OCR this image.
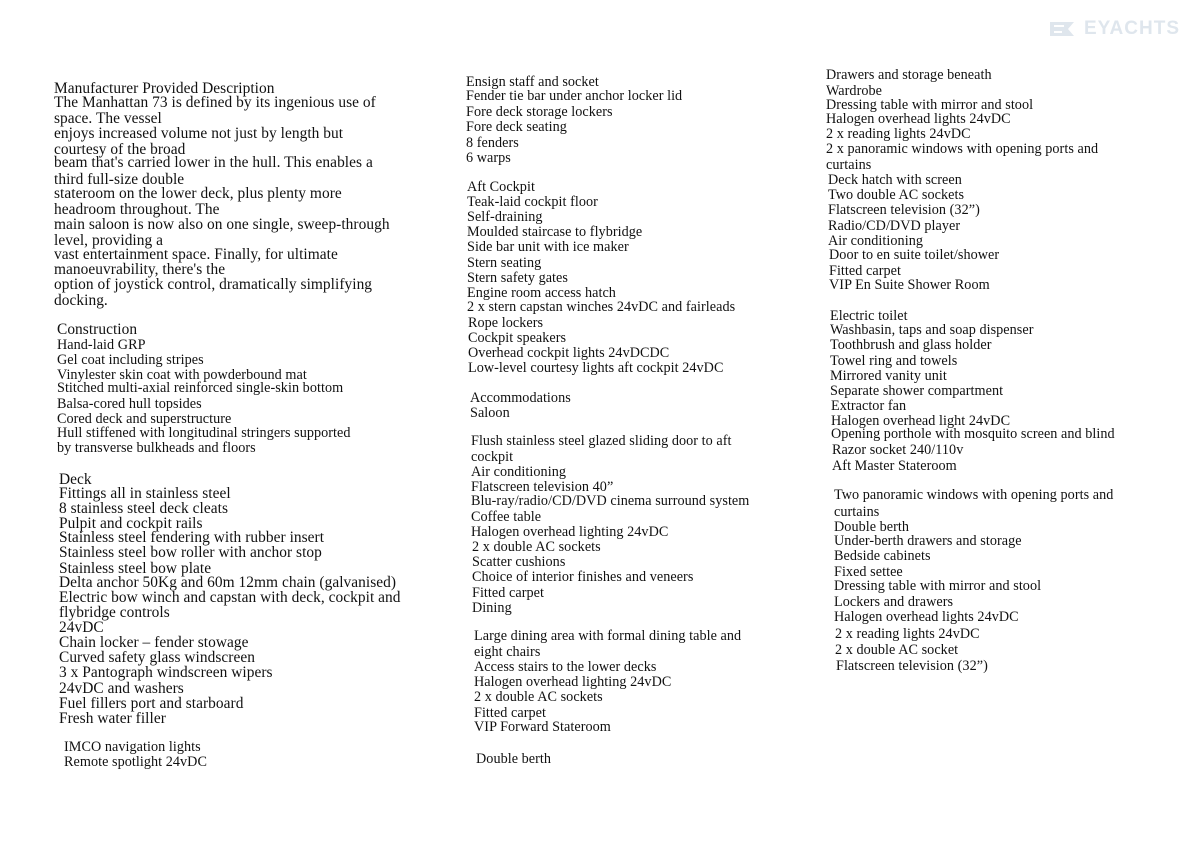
EYACHTS
Manufacturer Provided Description
The Manhattan 73 is defined by its ingenious use of
space. The vessel
enjoys increased volume not just by length but
courtesy of the broad
beam that's carried lower in the hull. This enables a
third full-size double
stateroom on the lower deck, plus plenty more
headroom throughout. The
main saloon is now also on one single, sweep-through
level, providing a
vast entertainment space. Finally, for ultimate
manoeuvrability, there's the
option of joystick control, dramatically simplifying
docking.
Construction
Hand-laid GRP
Gel coat including stripes
Vinylester skin coat with powderbound mat
Stitched multi-axial reinforced single-skin bottom
Balsa-cored hull topsides
Cored deck and superstructure
Hull stiffened with longitudinal stringers supported
by transverse bulkheads and floors
Deck
Fittings all in stainless steel
8 stainless steel deck cleats
Pulpit and cockpit rails
Stainless steel fendering with rubber insert
Stainless steel bow roller with anchor stop
Stainless steel bow plate
Delta anchor 50Kg and 60m 12mm chain (galvanised)
Electric bow winch and capstan with deck, cockpit and
flybridge controls
24vDC
Chain locker – fender stowage
Curved safety glass windscreen
3 x Pantograph windscreen wipers
24vDC and washers
Fuel fillers port and starboard
Fresh water filler
IMCO navigation lights
Remote spotlight 24vDC
Ensign staff and socket
Fender tie bar under anchor locker lid
Fore deck storage lockers
Fore deck seating
8 fenders
6 warps
Aft Cockpit
Teak-laid cockpit floor
Self-draining
Moulded staircase to flybridge
Side bar unit with ice maker
Stern seating
Stern safety gates
Engine room access hatch
2 x stern capstan winches 24vDC and fairleads
Rope lockers
Cockpit speakers
Overhead cockpit lights 24vDCDC
Low-level courtesy lights aft cockpit 24vDC
Accommodations
Saloon
Flush stainless steel glazed sliding door to aft
cockpit
Air conditioning
Flatscreen television 40”
Blu-ray/radio/CD/DVD cinema surround system
Coffee table
Halogen overhead lighting 24vDC
2 x double AC sockets
Scatter cushions
Choice of interior finishes and veneers
Fitted carpet
Dining
Large dining area with formal dining table and
eight chairs
Access stairs to the lower decks
Halogen overhead lighting 24vDC
2 x double AC sockets
Fitted carpet
VIP Forward Stateroom
Double berth
Drawers and storage beneath
Wardrobe
Dressing table with mirror and stool
Halogen overhead lights 24vDC
2 x reading lights 24vDC
2 x panoramic windows with opening ports and
curtains
Deck hatch with screen
Two double AC sockets
Flatscreen television (32”)
Radio/CD/DVD player
Air conditioning
Door to en suite toilet/shower
Fitted carpet
VIP En Suite Shower Room
Electric toilet
Washbasin, taps and soap dispenser
Toothbrush and glass holder
Towel ring and towels
Mirrored vanity unit
Separate shower compartment
Extractor fan
Halogen overhead light 24vDC
Opening porthole with mosquito screen and blind
Razor socket 240/110v
Aft Master Stateroom
Two panoramic windows with opening ports and
curtains
Double berth
Under-berth drawers and storage
Bedside cabinets
Fixed settee
Dressing table with mirror and stool
Lockers and drawers
Halogen overhead lights 24vDC
2 x reading lights 24vDC
2 x double AC socket
Flatscreen television (32”)
